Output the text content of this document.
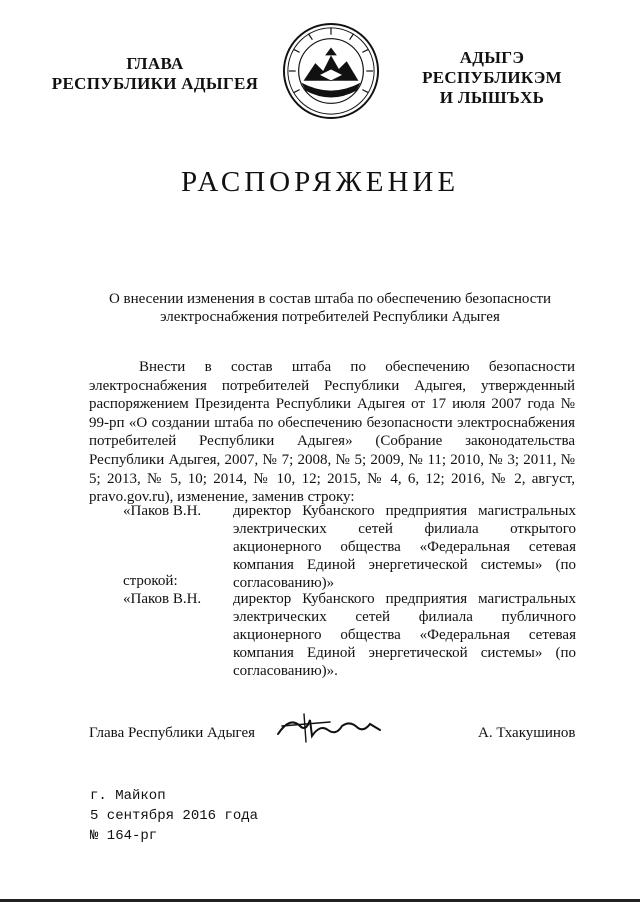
ГЛАВА
РЕСПУБЛИКИ АДЫГЕЯ
АДЫГЭ РЕСПУБЛИКЭМ
И ЛЫШЪХЬ
РАСПОРЯЖЕНИЕ
О внесении изменения в состав штаба по обеспечению безопасности
электроснабжения потребителей Республики Адыгея

Внести в состав штаба по обеспечению безопасности электроснабжения потребителей Республики Адыгея, утвержденный распоряжением Президента Республики Адыгея от 17 июля 2007 года № 99-рп «О создании штаба по обеспечению безопасности электроснабжения потребителей Республики Адыгея» (Собрание законодательства Республики Адыгея, 2007, № 7; 2008, № 5; 2009, № 11; 2010, № 3; 2011, № 5; 2013, № 5, 10; 2014, № 10, 12; 2015, № 4, 6, 12; 2016, № 2, август, pravo.gov.ru), изменение, заменив строку:

«Паков В.Н.	директор Кубанского предприятия магистральных электрических сетей филиала открытого акционерного общества «Федеральная сетевая компания Единой энергетической системы» (по согласованию)»
строкой:
«Паков В.Н.	директор Кубанского предприятия магистральных электрических сетей филиала публичного акционерного общества «Федеральная сетевая компания Единой энергетической системы» (по согласованию)».
Глава Республики Адыгея	А. Тхакушинов
г. Майкоп
5 сентября 2016 года
№ 164-рг
